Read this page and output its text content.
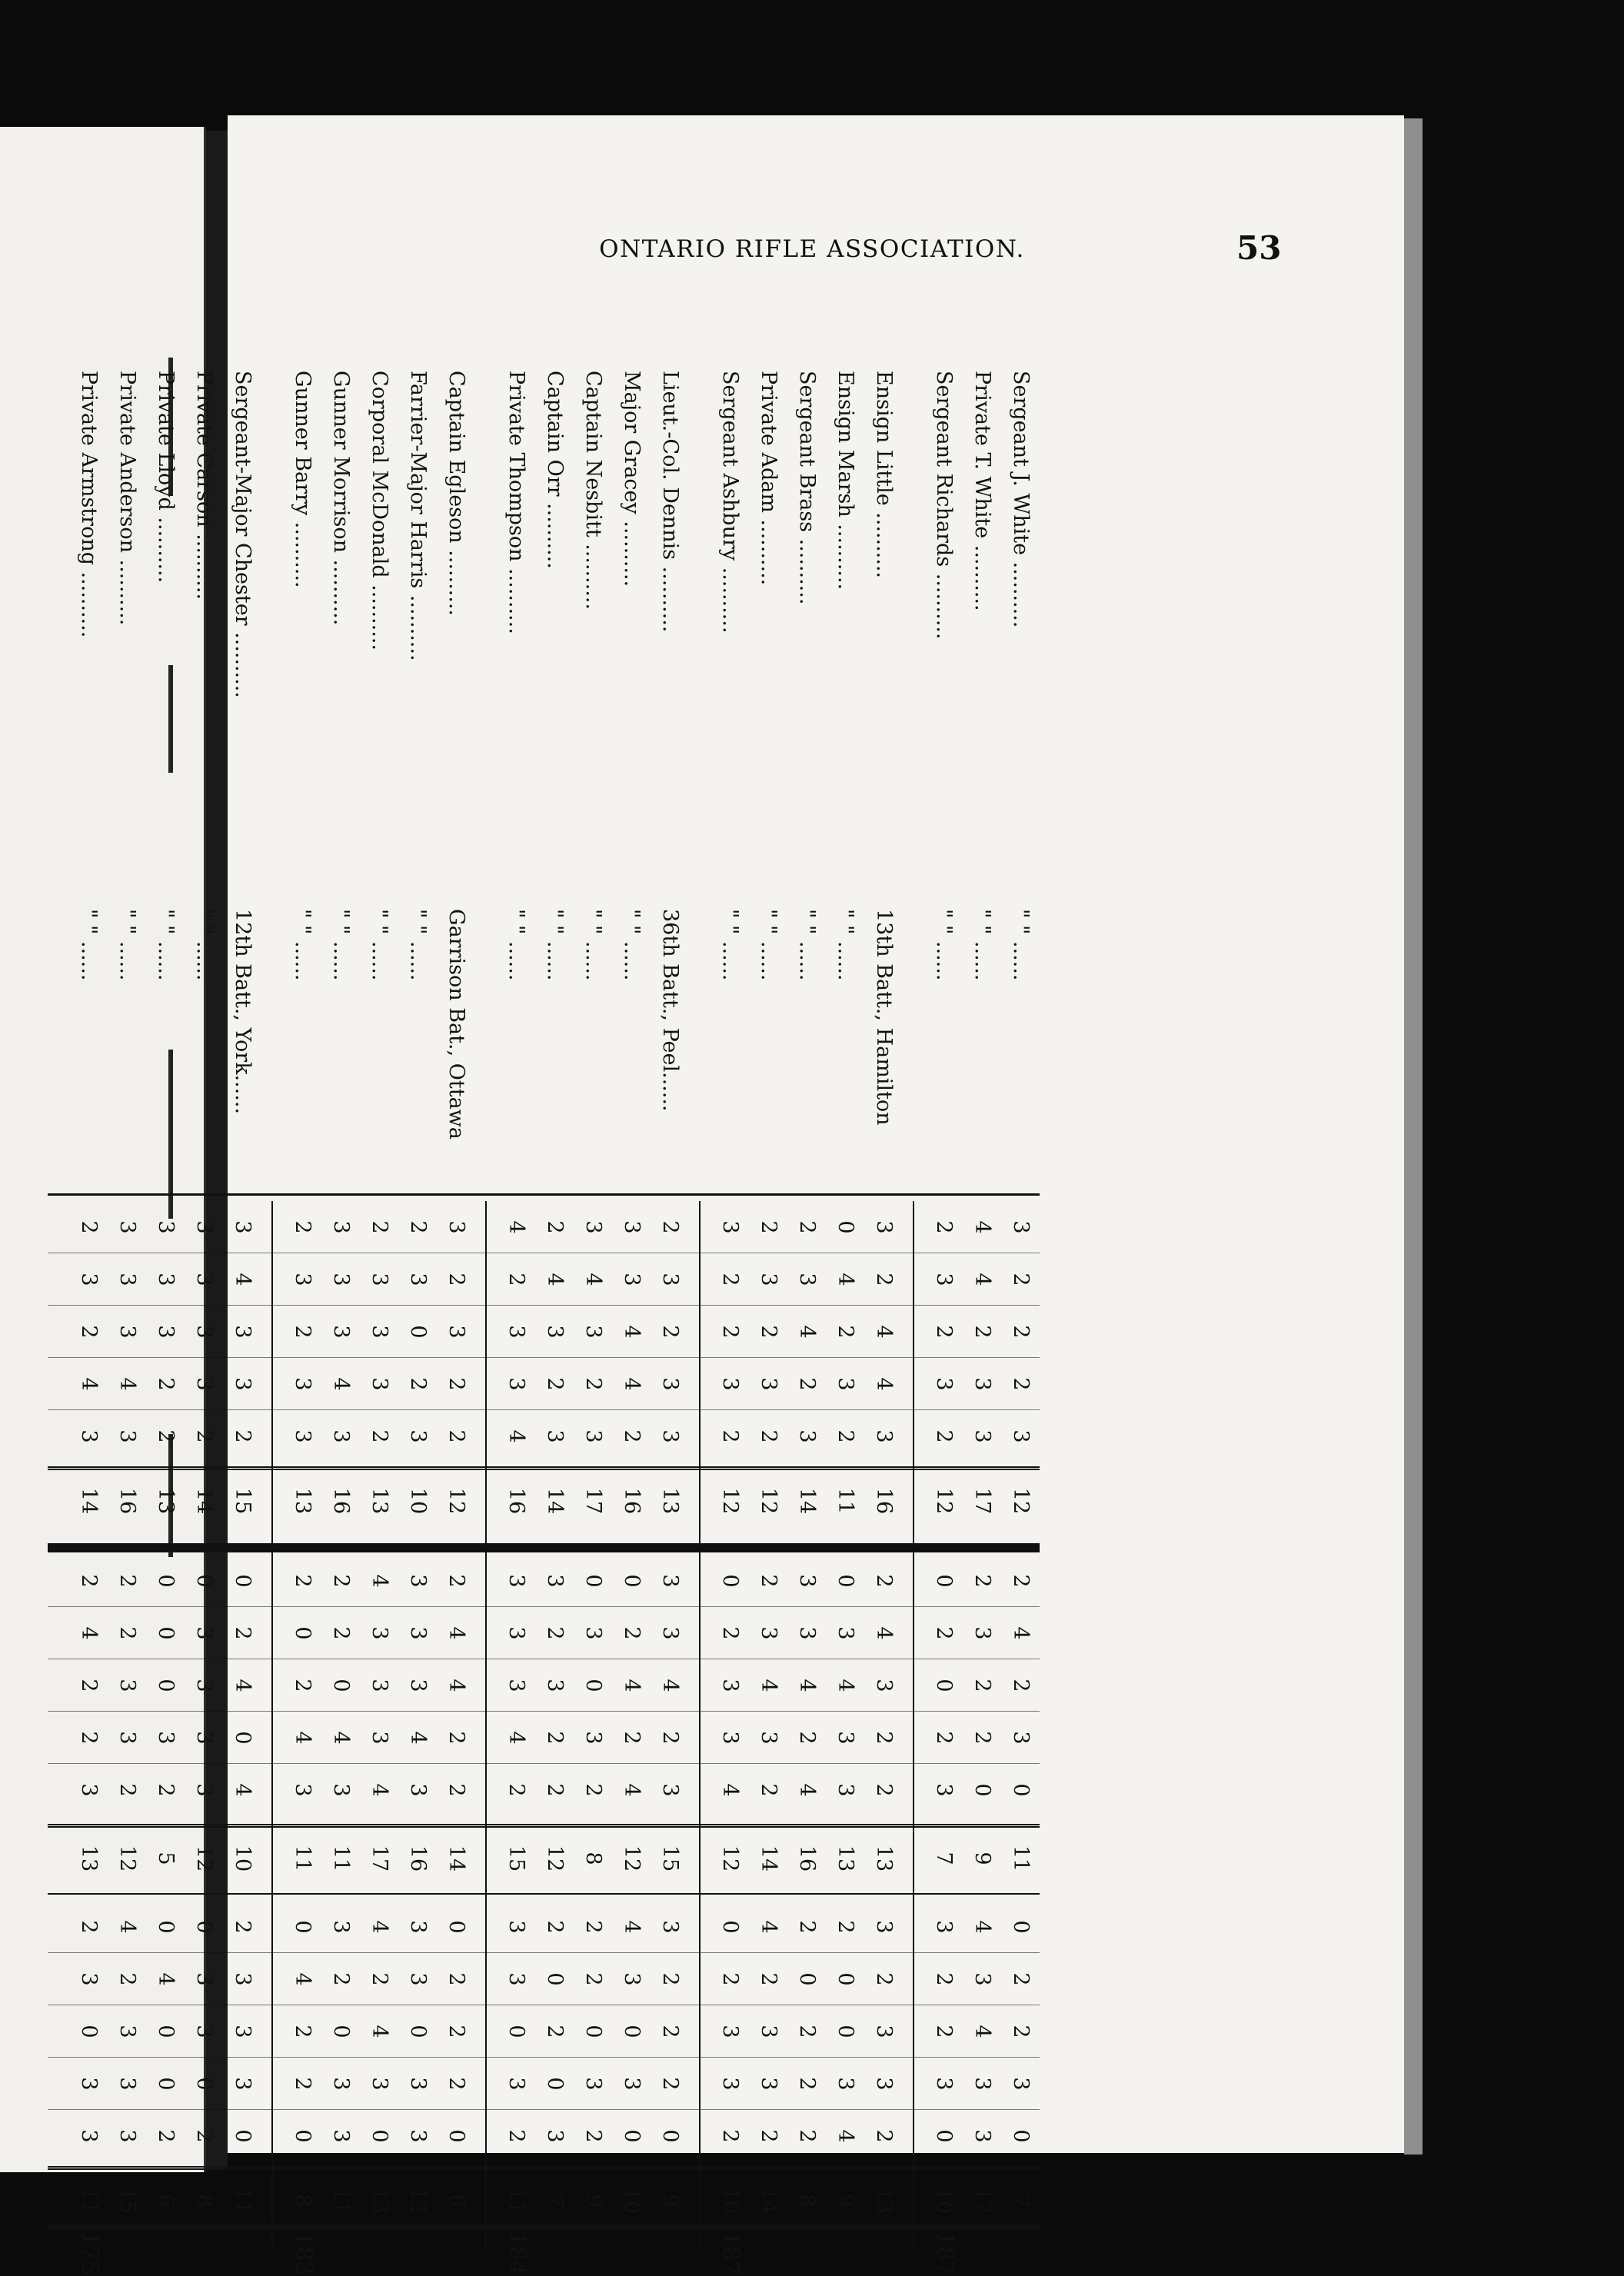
ONTARIO RIFLE ASSOCIATION.	53
Sergeant J. White ..........
" " ......
3
2
2
2
3
12
2
4
2
3
0
11
0
2
2
3
0
7
Private T. White ..........
" " ......
4
4
2
3
3
17
2
3
2
2
0
9
4
3
4
3
3
17
Sergeant Richards ..........
" " ......
2
3
2
3
2
12
0
2
0
2
3
7
3
2
2
3
0
10
187
Ensign Little ..........
13th Batt., Hamilton
3
2
4
4
3
16
2
4
3
2
2
13
3
2
3
3
2
13
Ensign Marsh ..........
" " ......
0
4
2
3
2
11
0
3
4
3
3
13
2
0
0
3
4
9
Sergeant Brass ..........
" " ......
2
3
4
2
3
14
3
3
4
2
4
16
2
0
2
2
2
8
Private Adam ..........
" " ......
2
3
2
3
2
12
2
3
4
3
2
14
4
2
3
3
2
14
Sergeant Ashbury ..........
" " ......
3
2
2
3
2
12
0
2
3
3
4
12
0
2
3
3
2
10
187
Lieut.-Col. Dennis ..........
36th Batt., Peel......
2
3
2
3
3
13
3
3
4
2
3
15
3
2
2
2
0
9
Major Gracey ..........
" " ......
3
3
4
4
2
16
0
2
4
2
4
12
4
3
0
3
0
10
Captain Nesbitt ..........
" " ......
3
4
3
2
3
17
0
3
0
3
2
8
2
2
0
3
2
9
Captain Orr ..........
" " ......
2
4
3
2
3
14
3
2
3
2
2
12
2
0
2
0
3
7
Private Thompson ..........
" " ......
4
2
3
3
4
16
3
3
3
4
2
15
3
3
0
3
2
11
184
Captain Egleson ..........
Garrison Bat., Ottawa
3
2
3
2
2
12
2
4
4
2
2
14
0
2
2
2
0
6
Farrier-Major Harris ..........
" " ......
2
3
0
2
3
10
3
3
3
4
3
16
3
3
0
3
3
12
Corporal McDonald ..........
" " ......
2
3
3
3
2
13
4
3
3
3
4
17
4
2
4
3
0
13
Gunner Morrison ..........
" " ......
3
3
3
4
3
16
2
2
0
4
3
11
3
2
0
3
3
11
Gunner Barry ..........
" " ......
2
3
2
3
3
13
2
0
2
4
3
11
0
4
2
2
0
8
183
Sergeant-Major Chester ..........
12th Batt., York......
3
4
3
3
2
15
0
2
4
0
4
10
2
3
3
3
0
11
Private Carson ..........
" " ......
3
3
3
3
2
14
0
3
3
3
3
12
0
3
3
0
2
8
Private Lloyd ..........
" " ......
3
3
3
2
2
13
0
0
0
3
2
5
0
4
0
0
2
6
Private Anderson ..........
" " ......
3
3
3
4
3
16
2
2
3
3
2
12
4
2
3
3
3
15
Private Armstrong ..........
" " ......
2
3
2
4
3
14
2
4
2
2
3
13
2
3
0
3
3
11
175
